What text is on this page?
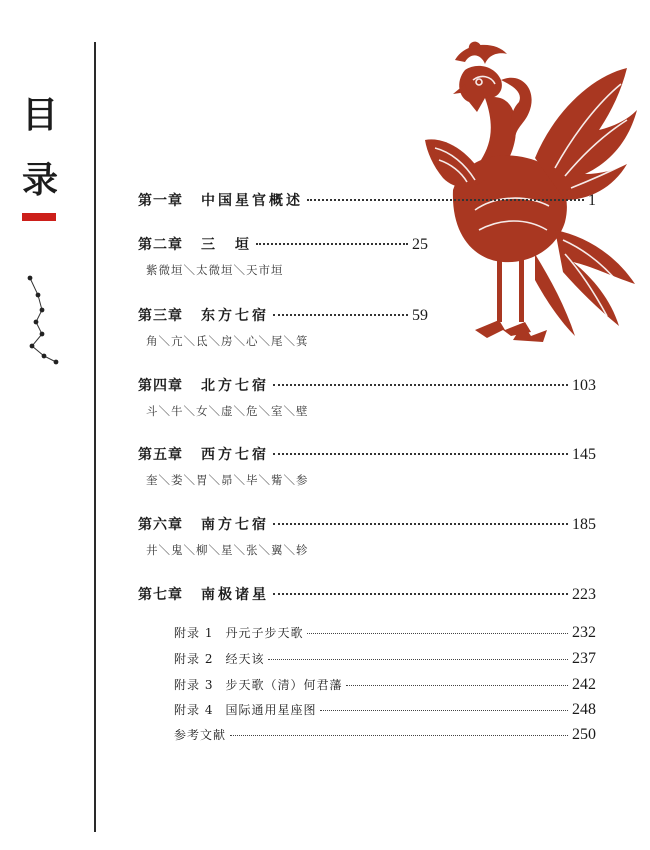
目
录	第一章 中国星官概述	1
第二章 三　垣	25
紫微垣＼太微垣＼天市垣
第三章 东方七宿	59
角＼亢＼氐＼房＼心＼尾＼箕
第四章 北方七宿	103
斗＼牛＼女＼虚＼危＼室＼壁
第五章 西方七宿	145
奎＼娄＼胃＼昴＼毕＼觜＼参
第六章 南方七宿	185
井＼鬼＼柳＼星＼张＼翼＼轸
第七章 南极诸星	223
附录 1 丹元子步天歌	232
附录 2 经天该	237
附录 3 步天歌（清）何君藩	242
附录 4 国际通用星座图	248
参考文献	250
